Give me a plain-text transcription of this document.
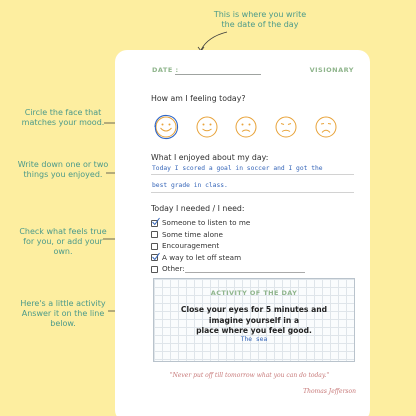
This is where you write
the date of the day
Circle the face that
matches your mood.
Write down one or two
things you enjoyed.
Check what feels true
for you, or add your
own.
Here's a little activity
Answer it on the line
below.
DATE :	VISIONARY
How am I feeling today?
What I enjoyed about my day:
Today I scored a goal in soccer and I got the
best grade in class.
Today I needed / I need:
Someone to listen to me
Some time alone
Encouragement
A way to let off steam
Other:
ACTIVITY OF THE DAY
Close your eyes for 5 minutes and imagine yourself in a
place where you feel good.
The sea
"Never put off till tomorrow what you can do today."
Thomas Jefferson
